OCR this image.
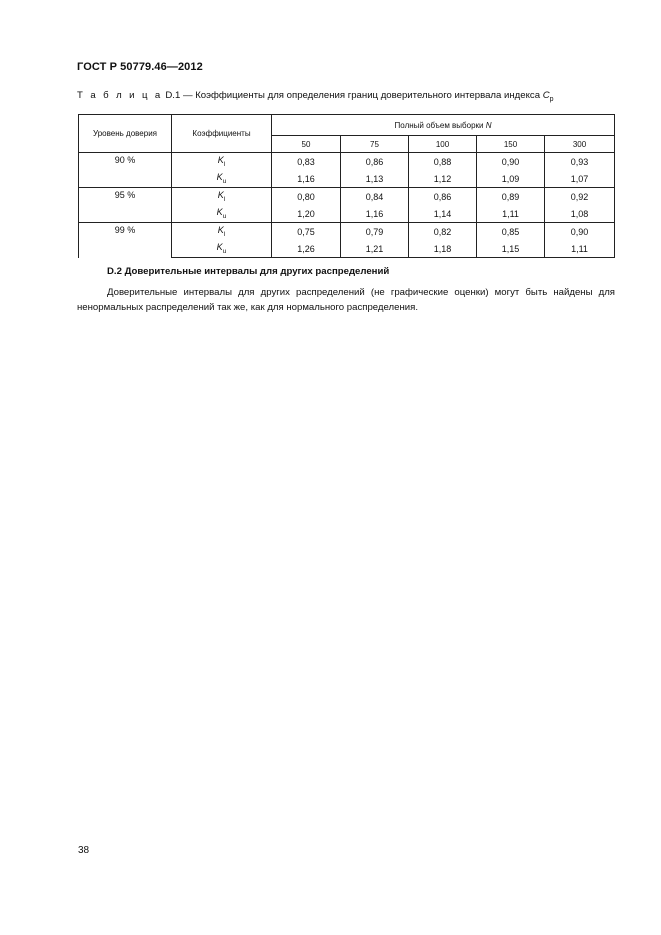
ГОСТ Р 50779.46—2012
Т а б л и ц а D.1 — Коэффициенты для определения границ доверительного интервала индекса $C_p$
Уровень доверия	Коэффициенты	Полный объем выборки N				
		50	75	100	150	300
90 %	$K_l$	0,83	0,86	0,88	0,90	0,93
	$K_u$	1,16	1,13	1,12	1,09	1,07
95 %	$K_l$	0,80	0,84	0,86	0,89	0,92
	$K_u$	1,20	1,16	1,14	1,11	1,08
99 %	$K_l$	0,75	0,79	0,82	0,85	0,90
	$K_u$	1,26	1,21	1,18	1,15	1,11
D.2 Доверительные интервалы для других распределений
Доверительные интервалы для других распределений (не графические оценки) могут быть найдены для ненормальных распределений так же, как для нормального распределения.
38
